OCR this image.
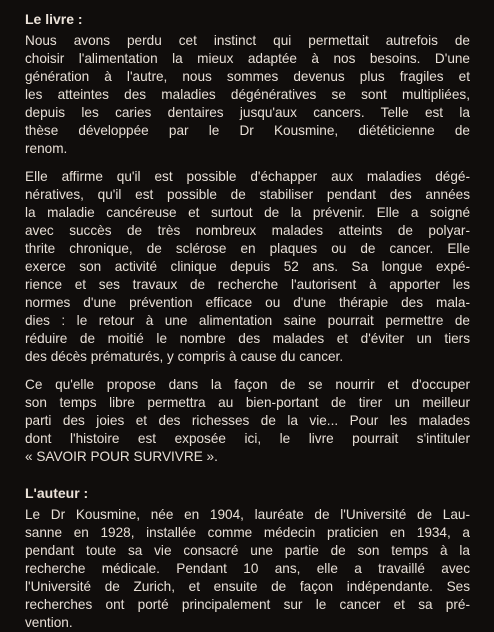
Le livre :
Nous avons perdu cet instinct qui permettait autrefois de
choisir l'alimentation la mieux adaptée à nos besoins. D'une
génération à l'autre, nous sommes devenus plus fragiles et
les atteintes des maladies dégénératives se sont multipliées,
depuis les caries dentaires jusqu'aux cancers. Telle est la
thèse développée par le Dr Kousmine, diététicienne de
renom.
Elle affirme qu'il est possible d'échapper aux maladies dégé-
nératives, qu'il est possible de stabiliser pendant des années
la maladie cancéreuse et surtout de la prévenir. Elle a soigné
avec succès de très nombreux malades atteints de polyar-
thrite chronique, de sclérose en plaques ou de cancer. Elle
exerce son activité clinique depuis 52 ans. Sa longue expé-
rience et ses travaux de recherche l'autorisent à apporter les
normes d'une prévention efficace ou d'une thérapie des mala-
dies : le retour à une alimentation saine pourrait permettre de
réduire de moitié le nombre des malades et d'éviter un tiers
des décès prématurés, y compris à cause du cancer.
Ce qu'elle propose dans la façon de se nourrir et d'occuper
son temps libre permettra au bien-portant de tirer un meilleur
parti des joies et des richesses de la vie... Pour les malades
dont l'histoire est exposée ici, le livre pourrait s'intituler
« SAVOIR POUR SURVIVRE ».
L'auteur :
Le Dr Kousmine, née en 1904, lauréate de l'Université de Lau-
sanne en 1928, installée comme médecin praticien en 1934, a
pendant toute sa vie consacré une partie de son temps à la
recherche médicale. Pendant 10 ans, elle a travaillé avec
l'Université de Zurich, et ensuite de façon indépendante. Ses
recherches ont porté principalement sur le cancer et sa pré-
vention.
